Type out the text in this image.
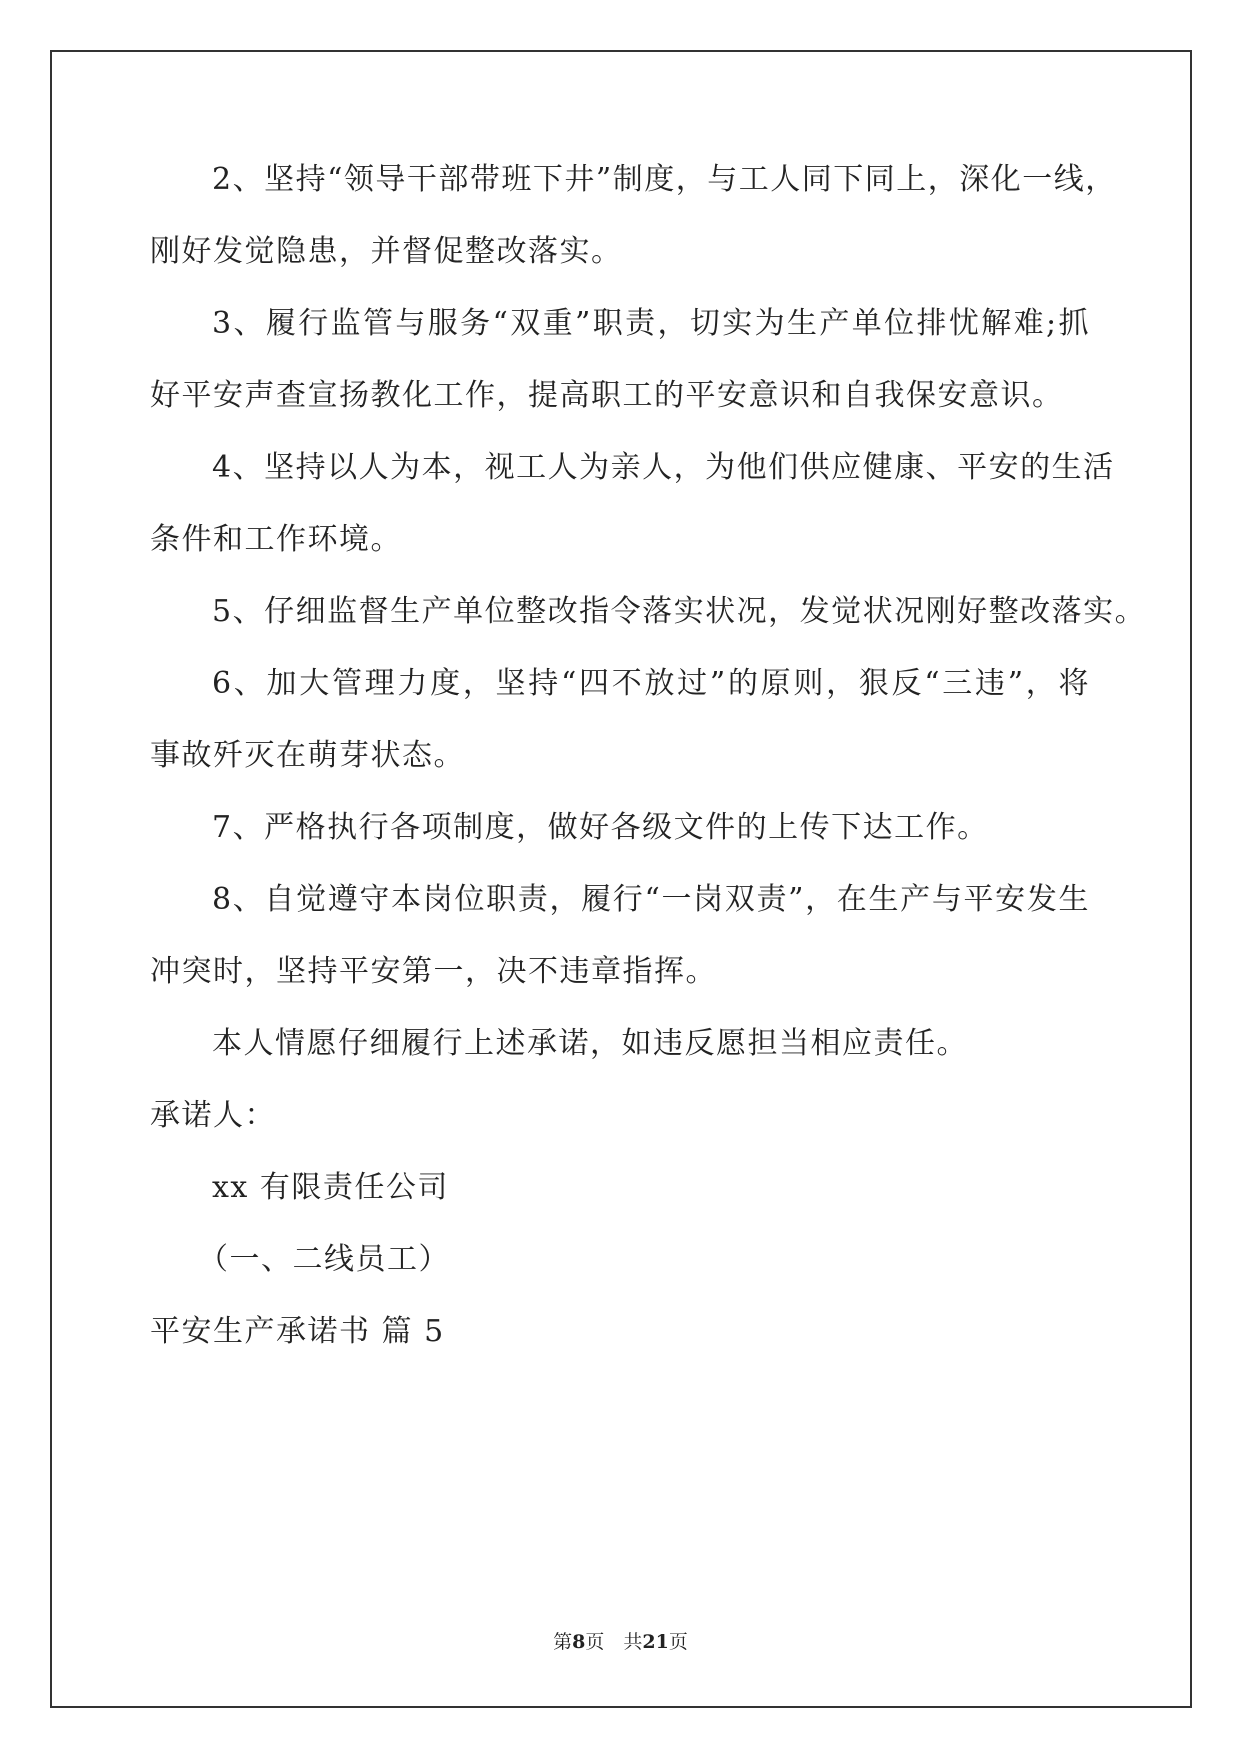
2、坚持“领导干部带班下井”制度，与工人同下同上，深化一线，
刚好发觉隐患，并督促整改落实。
3、履行监管与服务“双重”职责，切实为生产单位排忧解难;抓
好平安声查宣扬教化工作，提高职工的平安意识和自我保安意识。
4、坚持以人为本，视工人为亲人，为他们供应健康、平安的生活
条件和工作环境。
5、仔细监督生产单位整改指令落实状况，发觉状况刚好整改落实。
6、加大管理力度，坚持“四不放过”的原则，狠反“三违”，将
事故歼灭在萌芽状态。
7、严格执行各项制度，做好各级文件的上传下达工作。
8、自觉遵守本岗位职责，履行“一岗双责”，在生产与平安发生
冲突时，坚持平安第一，决不违章指挥。
本人情愿仔细履行上述承诺，如违反愿担当相应责任。
承诺人：
xx 有限责任公司
（一、二线员工）
平安生产承诺书 篇 5
第8页　共21页
